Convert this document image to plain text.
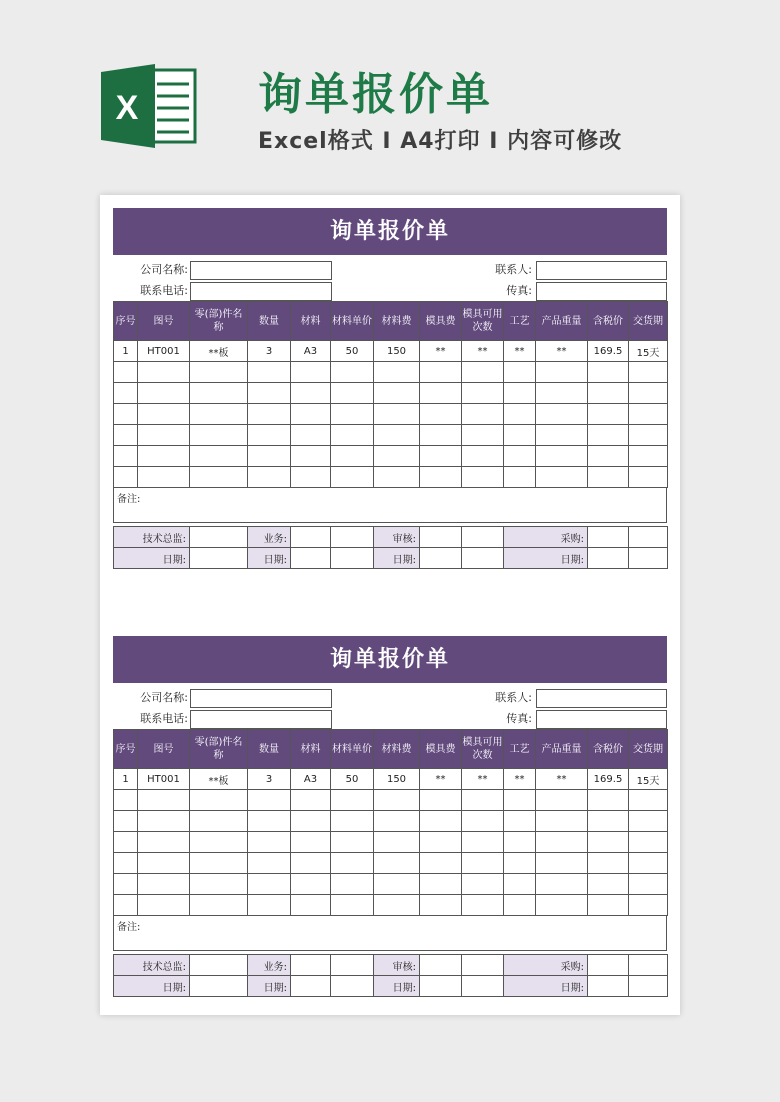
X	询单报价单
Excel格式 I A4打印 I 内容可修改
询单报价单
公司名称:
联系电话:
联系人:
传真:
序号	图号	零(部)件名称	数量	材料	材料单价	材料费	模具费	模具可用次数	工艺	产品重量	含税价	交货期
1	HT001	**板	3	A3	50	150	**	**	**	**	169.5	15天

备注:
技术总监:		业务:			审核:			采购:		
日期:		日期:			日期:			日期:		
询单报价单
公司名称:
联系电话:
联系人:
传真:
序号	图号	零(部)件名称	数量	材料	材料单价	材料费	模具费	模具可用次数	工艺	产品重量	含税价	交货期
1	HT001	**板	3	A3	50	150	**	**	**	**	169.5	15天

备注:
技术总监:		业务:			审核:			采购:		
日期:		日期:			日期:			日期:		
